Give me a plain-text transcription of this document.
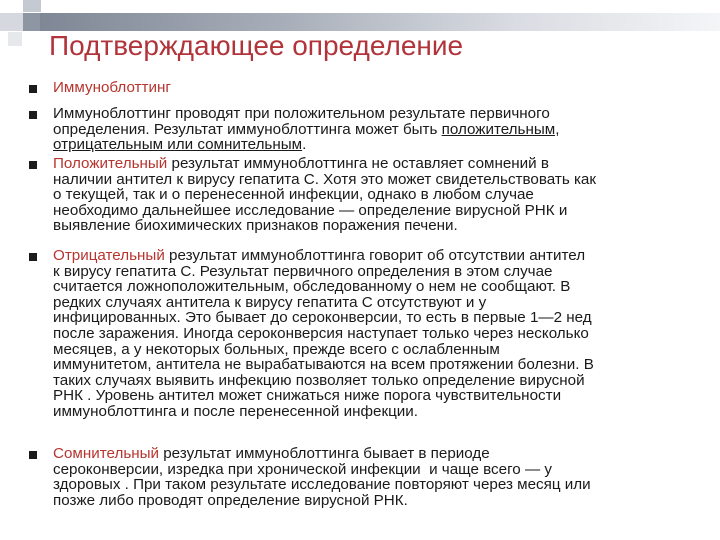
Подтверждающее определение
Иммуноблоттинг
Иммуноблоттинг проводят при положительном результате первичного
определения. Результат иммуноблоттинга может быть положительным,
отрицательным или сомнительным.
Положительный результат иммуноблоттинга не оставляет сомнений в
наличии антител к вирусу гепатита С. Хотя это может свидетельствовать как
о текущей, так и о перенесенной инфекции, однако в любом случае
необходимо дальнейшее исследование — определение вирусной РНК и
выявление биохимических признаков поражения печени.
Отрицательный результат иммуноблоттинга говорит об отсутствии антител
к вирусу гепатита С. Результат первичного определения в этом случае
считается ложноположительным, обследованному о нем не сообщают. В
редких случаях антитела к вирусу гепатита С отсутствуют и у
инфицированных. Это бывает до сероконверсии, то есть в первые 1—2 нед
после заражения. Иногда сероконверсия наступает только через несколько
месяцев, а у некоторых больных, прежде всего с ослабленным
иммунитетом, антитела не вырабатываются на всем протяжении болезни. В
таких случаях выявить инфекцию позволяет только определение вирусной
РНК . Уровень антител может снижаться ниже порога чувствительности
иммуноблоттинга и после перенесенной инфекции.
Сомнительный результат иммуноблоттинга бывает в периоде
сероконверсии, изредка при хронической инфекции  и чаще всего — у
здоровых . При таком результате исследование повторяют через месяц или
позже либо проводят определение вирусной РНК.
